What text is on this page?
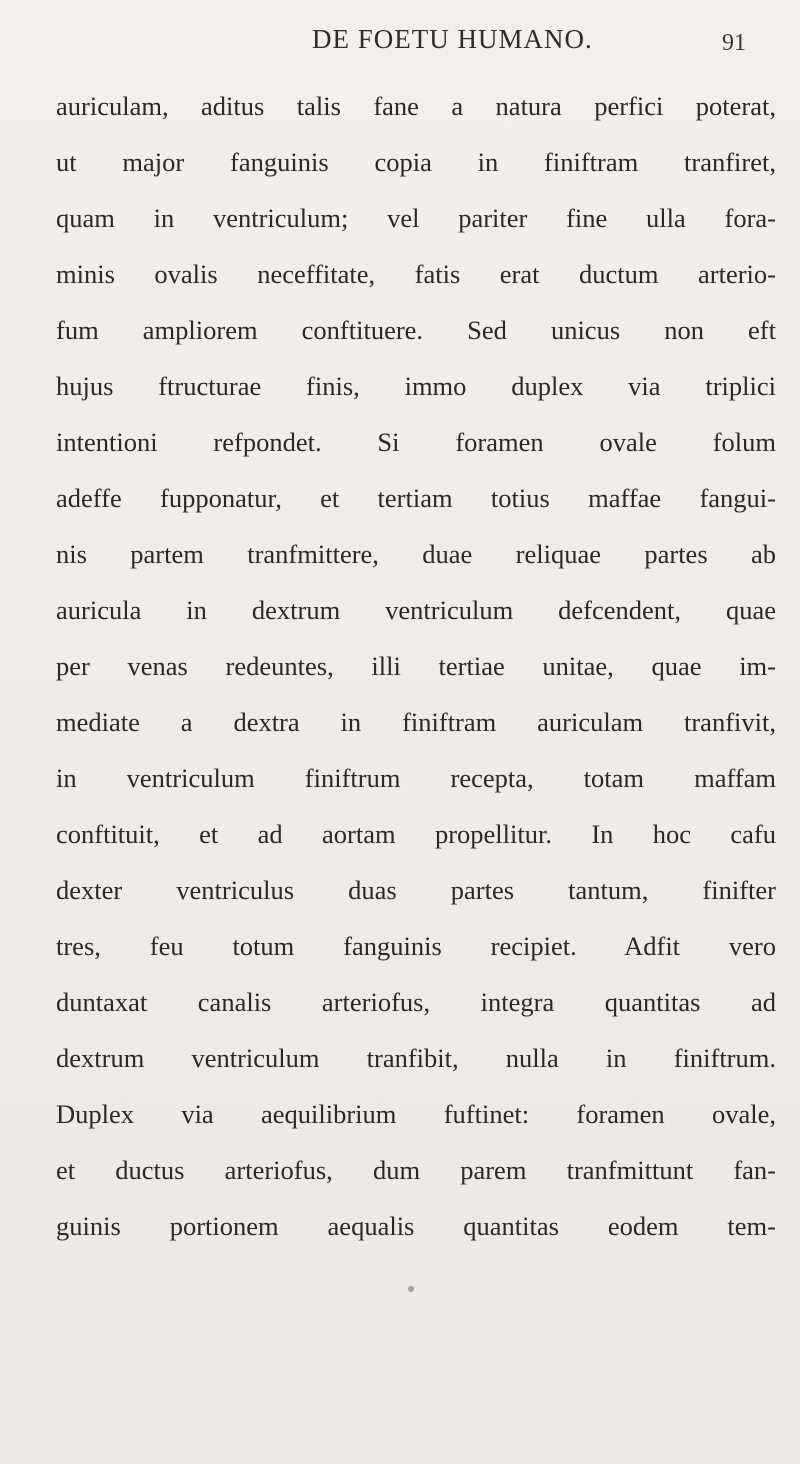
DE FOETU HUMANO.	91
auriculam, aditus talis fane a natura perfici poterat,
ut major fanguinis copia in finiftram tranfiret,
quam in ventriculum; vel pariter fine ulla fora-
minis ovalis neceffitate, fatis erat ductum arterio-
fum ampliorem conftituere. Sed unicus non eft
hujus ftructurae finis, immo duplex via triplici
intentioni refpondet. Si foramen ovale folum
adeffe fupponatur, et tertiam totius maffae fangui-
nis partem tranfmittere, duae reliquae partes ab
auricula in dextrum ventriculum defcendent, quae
per venas redeuntes, illi tertiae unitae, quae im-
mediate a dextra in finiftram auriculam tranfivit,
in ventriculum finiftrum recepta, totam maffam
conftituit, et ad aortam propellitur. In hoc cafu
dexter ventriculus duas partes tantum, finifter
tres, feu totum fanguinis recipiet. Adfit vero
duntaxat canalis arteriofus, integra quantitas ad
dextrum ventriculum tranfibit, nulla in finiftrum.
Duplex via aequilibrium fuftinet: foramen ovale,
et ductus arteriofus, dum parem tranfmittunt fan-
guinis portionem aequalis quantitas eodem tem-
